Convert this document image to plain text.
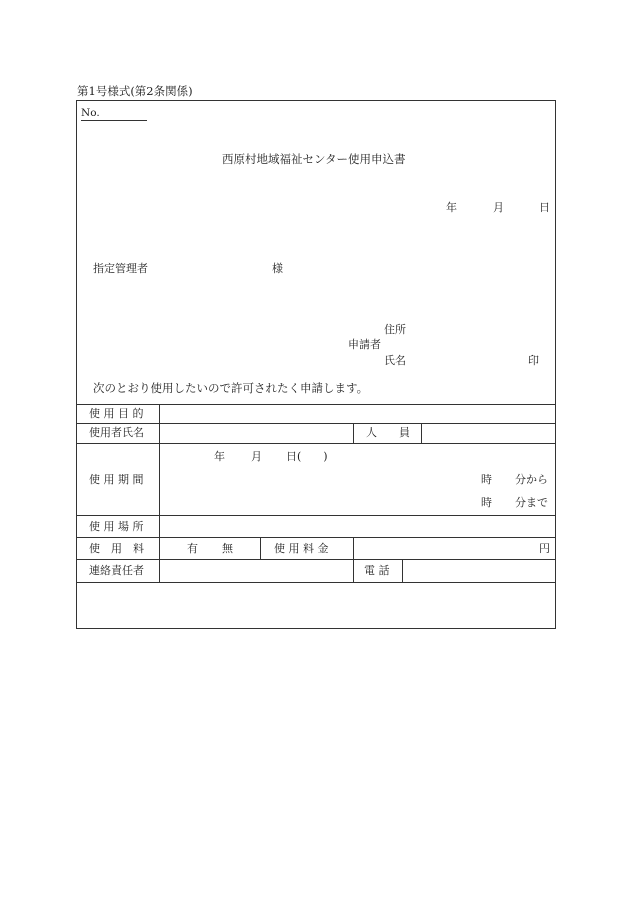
第1号様式(第2条関係)
No.
西原村地域福祉センター使用申込書
年	月	日
指定管理者	様
住所
申請者
氏名	印
次のとおり使用したいので許可されたく申請します。
使 用 目 的
使用者氏名	人　　員
使 用 期 間
年 月 日(　　)
時 分から
時 分まで
使 用 場 所
使　用　料	有 無	使 用 料 金	円
連絡責任者	電 話
